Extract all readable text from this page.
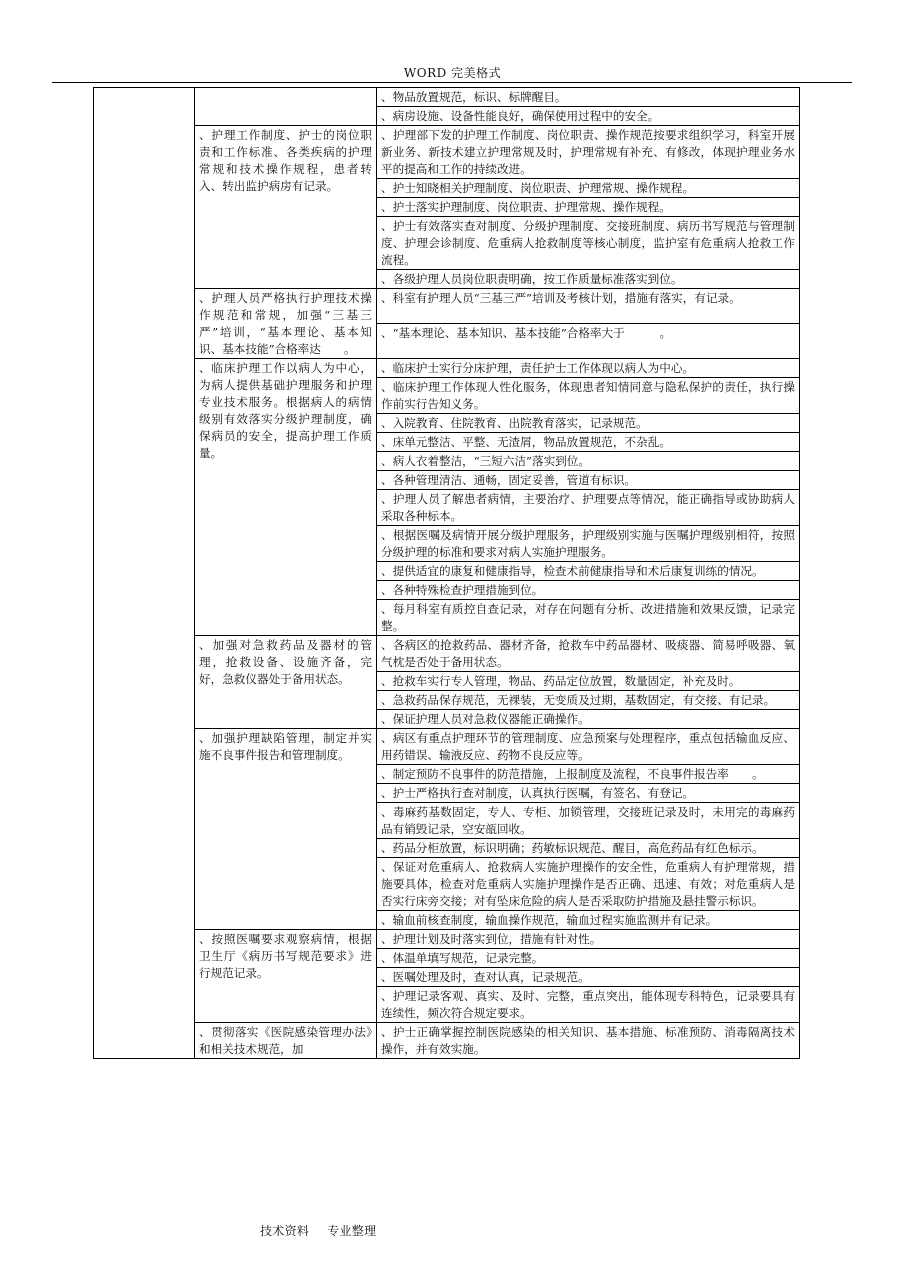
WORD 完美格式
		、物品放置规范，标识、标牌醒目。
		、病房设施、设备性能良好，确保使用过程中的安全。
	、护理工作制度、护士的岗位职责和工作标准、各类疾病的护理常规和技术操作规程，患者转入、转出监护病房有记录。	、护理部下发的护理工作制度、岗位职责、操作规范按要求组织学习，科室开展新业务、新技术建立护理常规及时，护理常规有补充、有修改，体现护理业务水平的提高和工作的持续改进。
		、护士知晓相关护理制度、岗位职责、护理常规、操作规程。
		、护士落实护理制度、岗位职责、护理常规、操作规程。
		、护士有效落实查对制度、分级护理制度、交接班制度、病历书写规范与管理制度、护理会诊制度、危重病人抢救制度等核心制度，监护室有危重病人抢救工作流程。
		、各级护理人员岗位职责明确，按工作质量标准落实到位。
	、护理人员严格执行护理技术操作规范和常规，加强“三基三严”培训，“基本理论、基本知识、基本技能”合格率达　　。	、科室有护理人员“三基三严”培训及考核计划，措施有落实，有记录。
		、“基本理论、基本知识、基本技能”合格率大于　　　。
	、临床护理工作以病人为中心，为病人提供基础护理服务和护理专业技术服务。根据病人的病情级别有效落实分级护理制度，确保病员的安全，提高护理工作质量。	、临床护士实行分床护理，责任护士工作体现以病人为中心。
		、临床护理工作体现人性化服务，体现患者知情同意与隐私保护的责任，执行操作前实行告知义务。
		、入院教育、住院教育、出院教育落实，记录规范。
		、床单元整洁、平整、无渣屑，物品放置规范，不杂乱。
		、病人衣着整洁，“三短六洁”落实到位。
		、各种管理清洁、通畅，固定妥善，管道有标识。
		、护理人员了解患者病情，主要治疗、护理要点等情况，能正确指导或协助病人采取各种标本。
		、根据医嘱及病情开展分级护理服务，护理级别实施与医嘱护理级别相符，按照分级护理的标准和要求对病人实施护理服务。
		、提供适宜的康复和健康指导，检查术前健康指导和术后康复训练的情况。
		、各种特殊检查护理措施到位。
		、每月科室有质控自查记录，对存在问题有分析、改进措施和效果反馈，记录完整。
	、加强对急救药品及器材的管理，抢救设备、设施齐备，完好，急救仪器处于备用状态。	、各病区的抢救药品、器材齐备，抢救车中药品器材、吸痰器、简易呼吸器、氧气枕是否处于备用状态。
		、抢救车实行专人管理，物品、药品定位放置，数量固定，补充及时。
		、急救药品保存规范，无裸装，无变质及过期，基数固定，有交接、有记录。
		、保证护理人员对急救仪器能正确操作。
	、加强护理缺陷管理，制定并实施不良事件报告和管理制度。	、病区有重点护理环节的管理制度、应急预案与处理程序，重点包括输血反应、用药错误、输液反应、药物不良反应等。
		、制定预防不良事件的防范措施，上报制度及流程，不良事件报告率　　。
		、护士严格执行查对制度，认真执行医嘱，有签名、有登记。
		、毒麻药基数固定，专人、专柜、加锁管理，交接班记录及时，未用完的毒麻药品有销毁记录，空安瓿回收。
		、药品分柜放置，标识明确；药敏标识规范、醒目，高危药品有红色标示。
		、保证对危重病人、抢救病人实施护理操作的安全性，危重病人有护理常规，措施要具体，检查对危重病人实施护理操作是否正确、迅速、有效；对危重病人是否实行床旁交接；对有坠床危险的病人是否采取防护措施及悬挂警示标识。
		、输血前核查制度，输血操作规范，输血过程实施监测并有记录。
	、按照医嘱要求观察病情，根据卫生厅《病历书写规范要求》进行规范记录。	、护理计划及时落实到位，措施有针对性。
		、体温单填写规范，记录完整。
		、医嘱处理及时，查对认真，记录规范。
		、护理记录客观、真实、及时、完整，重点突出，能体现专科特色，记录要具有连续性，频次符合规定要求。
	、贯彻落实《医院感染管理办法》和相关技术规范，加	、护士正确掌握控制医院感染的相关知识、基本措施、标准预防、消毒隔离技术操作，并有效实施。
技术资料 专业整理
